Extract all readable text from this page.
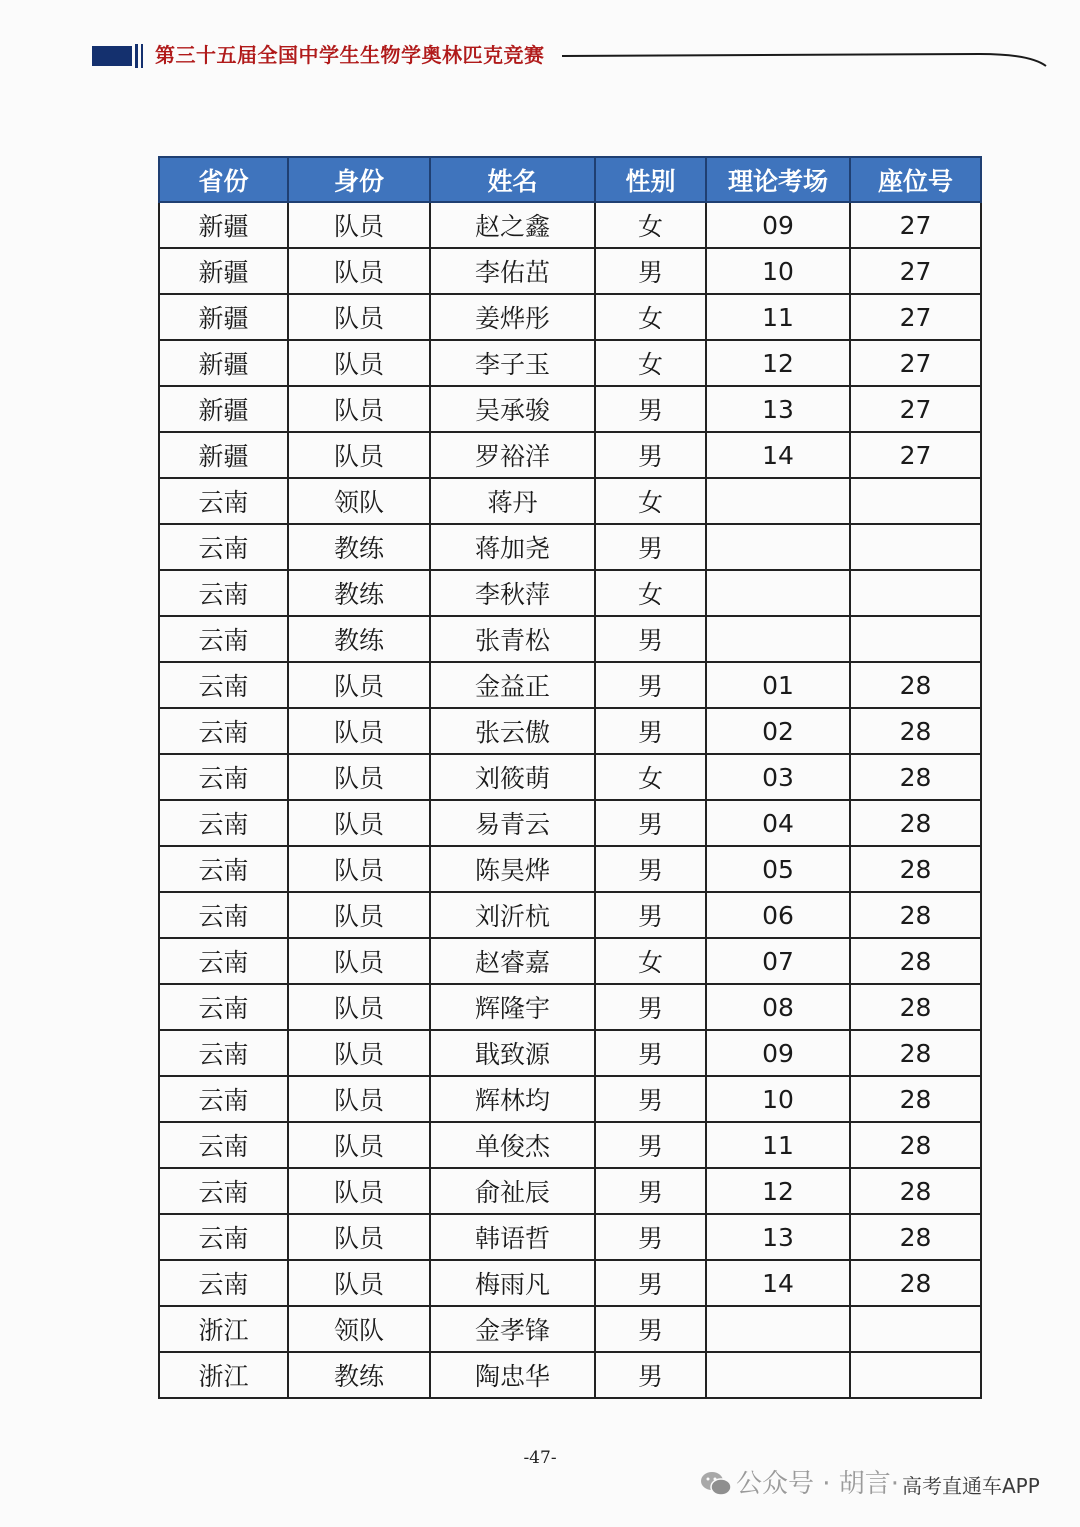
第三十五届全国中学生生物学奥林匹克竞赛
省份	身份	姓名	性别	理论考场	座位号
新疆	队员	赵之鑫	女	09	27
新疆	队员	李佑茁	男	10	27
新疆	队员	姜烨彤	女	11	27
新疆	队员	李子玉	女	12	27
新疆	队员	吴承骏	男	13	27
新疆	队员	罗裕洋	男	14	27
云南	领队	蒋丹	女		
云南	教练	蒋加尧	男		
云南	教练	李秋萍	女		
云南	教练	张青松	男		
云南	队员	金益正	男	01	28
云南	队员	张云傲	男	02	28
云南	队员	刘筱萌	女	03	28
云南	队员	易青云	男	04	28
云南	队员	陈昊烨	男	05	28
云南	队员	刘沂杭	男	06	28
云南	队员	赵睿嘉	女	07	28
云南	队员	辉隆宇	男	08	28
云南	队员	戢致源	男	09	28
云南	队员	辉林均	男	10	28
云南	队员	单俊杰	男	11	28
云南	队员	俞祉辰	男	12	28
云南	队员	韩语哲	男	13	28
云南	队员	梅雨凡	男	14	28
浙江	领队	金孝锋	男		
浙江	教练	陶忠华	男		
-47-
公众号 · 胡言· 高考直通车APP
